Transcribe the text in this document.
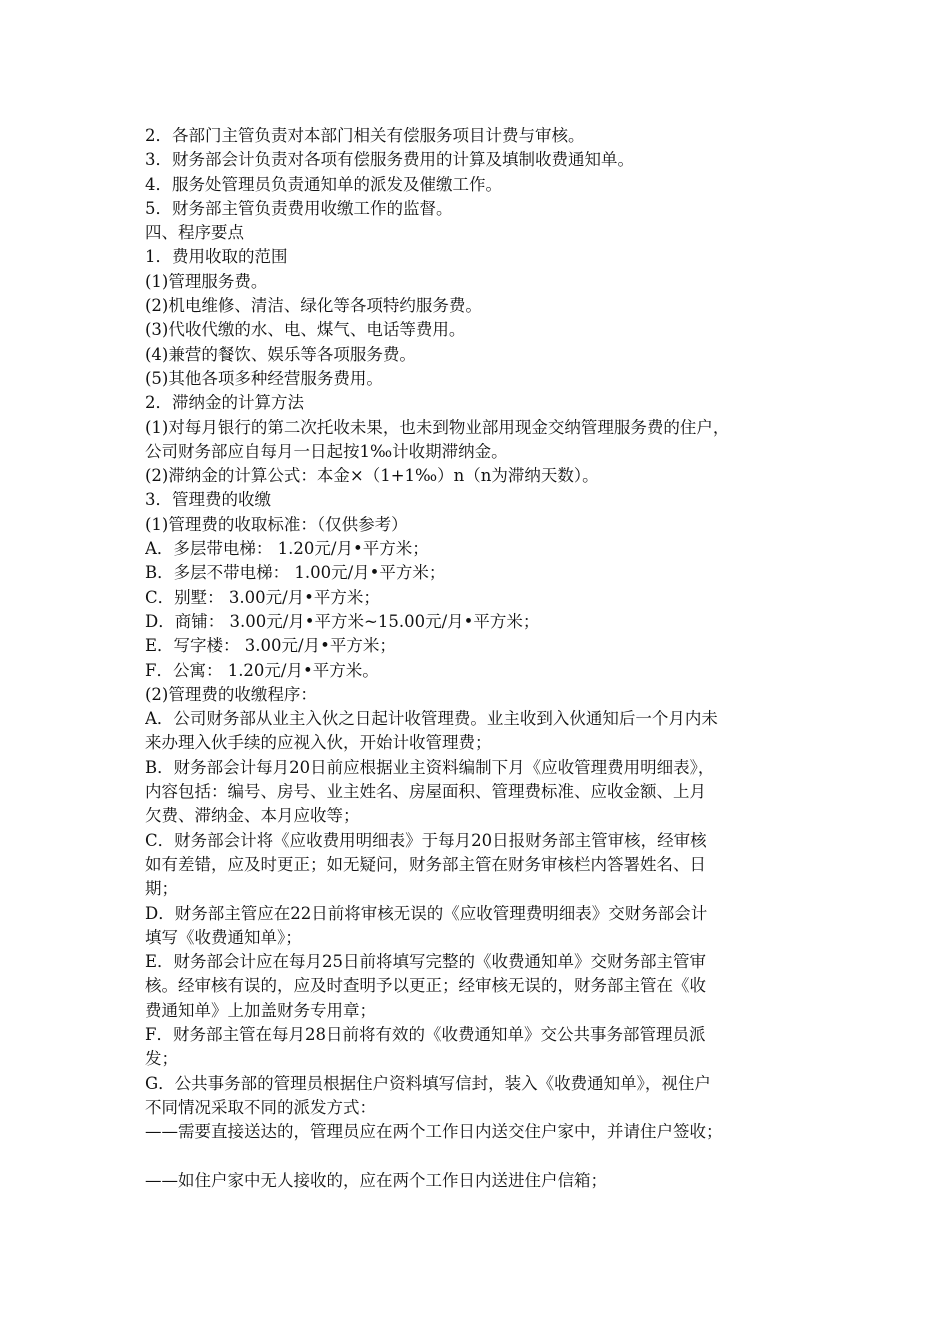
2．各部门主管负责对本部门相关有偿服务项目计费与审核。
3．财务部会计负责对各项有偿服务费用的计算及填制收费通知单。
4．服务处管理员负责通知单的派发及催缴工作。
5．财务部主管负责费用收缴工作的监督。
四、程序要点
1．费用收取的范围
(1)管理服务费。
(2)机电维修、清洁、绿化等各项特约服务费。
(3)代收代缴的水、电、煤气、电话等费用。
(4)兼营的餐饮、娱乐等各项服务费。
(5)其他各项多种经营服务费用。
2．滞纳金的计算方法
(1)对每月银行的第二次托收未果，也未到物业部用现金交纳管理服务费的住户，
公司财务部应自每月一日起按1‰计收期滞纳金。
(2)滞纳金的计算公式：本金×（1+1‰）n（n为滞纳天数）。
3．管理费的收缴
(1)管理费的收取标准：（仅供参考）
A．多层带电梯： 1.20元/月•平方米；
B．多层不带电梯： 1.00元/月•平方米；
C．别墅： 3.00元/月•平方米；
D．商铺： 3.00元/月•平方米~15.00元/月•平方米；
E．写字楼： 3.00元/月•平方米；
F．公寓： 1.20元/月•平方米。
(2)管理费的收缴程序：
A．公司财务部从业主入伙之日起计收管理费。业主收到入伙通知后一个月内未
来办理入伙手续的应视入伙，开始计收管理费；
B．财务部会计每月20日前应根据业主资料编制下月《应收管理费用明细表》，
内容包括：编号、房号、业主姓名、房屋面积、管理费标准、应收金额、上月
欠费、滞纳金、本月应收等；
C．财务部会计将《应收费用明细表》于每月20日报财务部主管审核，经审核
如有差错，应及时更正；如无疑问，财务部主管在财务审核栏内答署姓名、日
期；
D．财务部主管应在22日前将审核无误的《应收管理费明细表》交财务部会计
填写《收费通知单》；
E．财务部会计应在每月25日前将填写完整的《收费通知单》交财务部主管审
核。经审核有误的，应及时查明予以更正；经审核无误的，财务部主管在《收
费通知单》上加盖财务专用章；
F．财务部主管在每月28日前将有效的《收费通知单》交公共事务部管理员派
发；
G．公共事务部的管理员根据住户资料填写信封，装入《收费通知单》，视住户
不同情况采取不同的派发方式：
——需要直接送达的，管理员应在两个工作日内送交住户家中，并请住户签收；
——如住户家中无人接收的，应在两个工作日内送进住户信箱；
